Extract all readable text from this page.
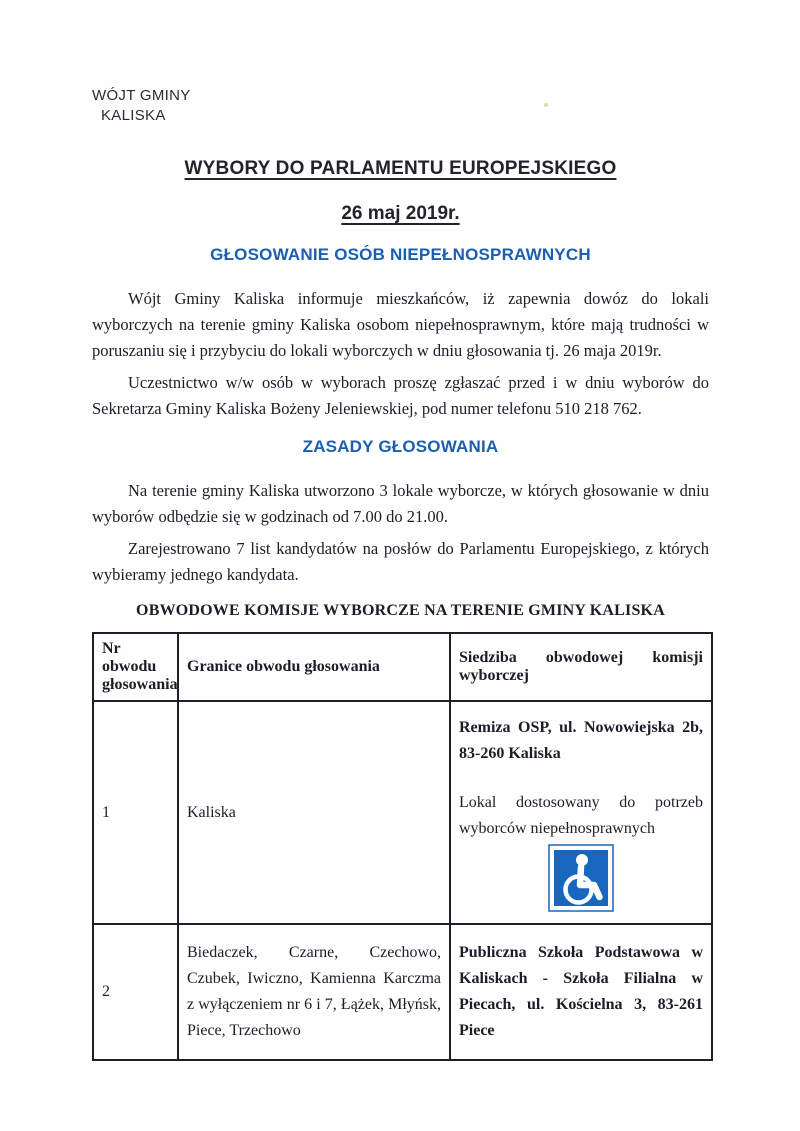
WÓJT GMINY
KALISKA
WYBORY DO PARLAMENTU EUROPEJSKIEGO
26 maj 2019r.
GŁOSOWANIE OSÓB NIEPEŁNOSPRAWNYCH

Wójt Gminy Kaliska informuje mieszkańców, iż zapewnia dowóz do lokali wyborczych na terenie gminy Kaliska osobom niepełnosprawnym, które mają trudności w poruszaniu się i przybyciu do lokali wyborczych w dniu głosowania tj. 26 maja 2019r.

Uczestnictwo w/w osób w wyborach proszę zgłaszać przed i w dniu wyborów do Sekretarza Gminy Kaliska Bożeny Jeleniewskiej, pod numer telefonu 510 218 762.

ZASADY GŁOSOWANIA

Na terenie gminy Kaliska utworzono 3 lokale wyborcze, w których głosowanie w dniu wyborów odbędzie się w godzinach od 7.00 do 21.00.

Zarejestrowano 7 list kandydatów na posłów do Parlamentu Europejskiego, z których wybieramy jednego kandydata.

OBWODOWE KOMISJE WYBORCZE NA TERENIE GMINY KALISKA
Nr obwodu głosowania	Granice obwodu głosowania	Siedziba obwodowej komisji wyborczej
1	Kaliska	Remiza OSP, ul. Nowowiejska 2b, 83-260 Kaliska
Lokal dostosowany do potrzeb wyborców niepełnosprawnych

2	Biedaczek, Czarne, Czechowo, Czubek, Iwiczno, Kamienna Karczma z wyłączeniem nr 6 i 7, Łążek, Młyńsk, Piece, Trzechowo	Publiczna Szkoła Podstawowa w Kaliskach - Szkoła Filialna w Piecach, ul. Kościelna 3, 83-261 Piece
